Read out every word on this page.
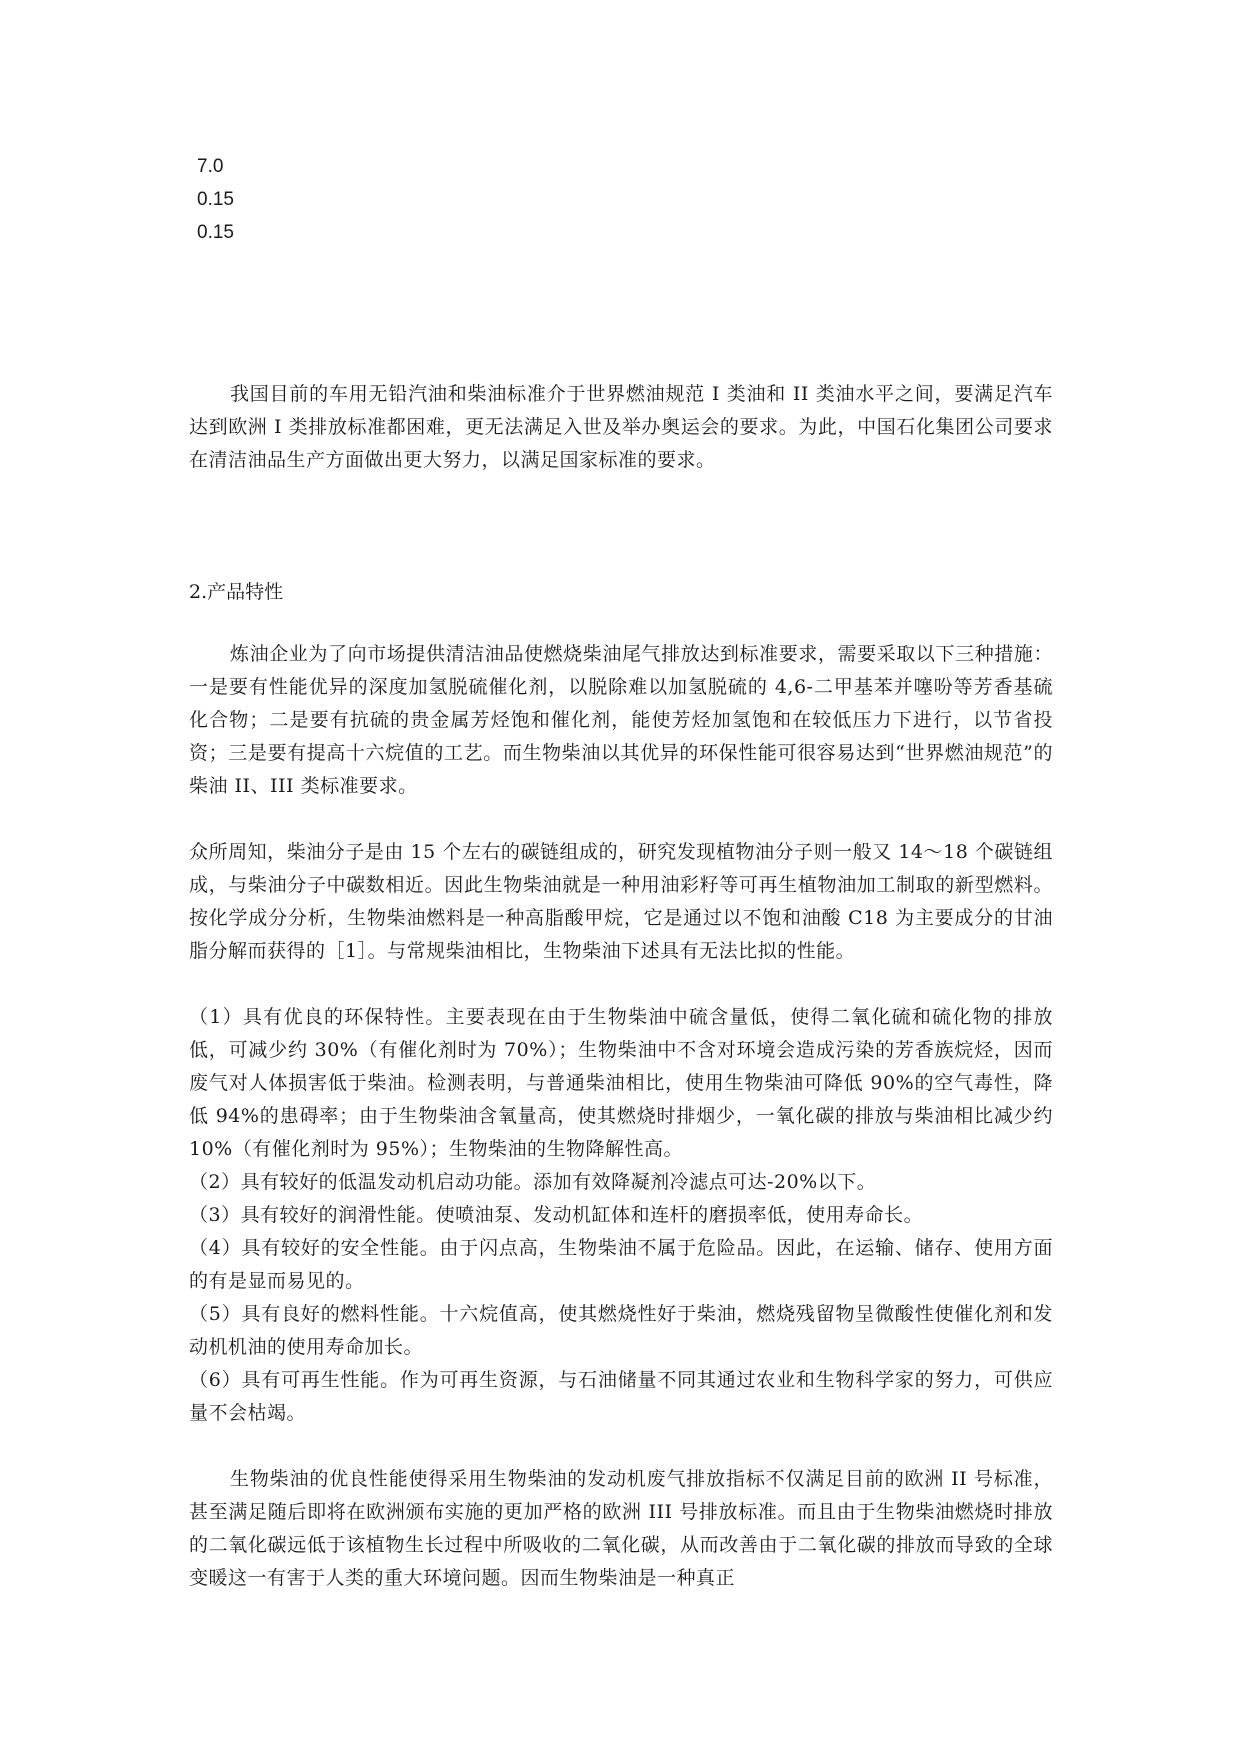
7.0

0.15

0.15

我国目前的车用无铅汽油和柴油标准介于世界燃油规范 I 类油和 II 类油水平之间，要满足汽车达到欧洲 I 类排放标准都困难，更无法满足入世及举办奥运会的要求。为此，中国石化集团公司要求在清洁油品生产方面做出更大努力，以满足国家标准的要求。

2.产品特性

炼油企业为了向市场提供清洁油品使燃烧柴油尾气排放达到标准要求，需要采取以下三种措施：一是要有性能优异的深度加氢脱硫催化剂，以脱除难以加氢脱硫的 4,6-二甲基苯并噻吩等芳香基硫化合物；二是要有抗硫的贵金属芳烃饱和催化剂，能使芳烃加氢饱和在较低压力下进行，以节省投资；三是要有提高十六烷值的工艺。而生物柴油以其优异的环保性能可很容易达到“世界燃油规范”的柴油 II、III 类标准要求。

众所周知，柴油分子是由 15 个左右的碳链组成的，研究发现植物油分子则一般又 14～18 个碳链组成，与柴油分子中碳数相近。因此生物柴油就是一种用油彩籽等可再生植物油加工制取的新型燃料。按化学成分分析，生物柴油燃料是一种高脂酸甲烷，它是通过以不饱和油酸 C18 为主要成分的甘油脂分解而获得的［1］。与常规柴油相比，生物柴油下述具有无法比拟的性能。

（1）具有优良的环保特性。主要表现在由于生物柴油中硫含量低，使得二氧化硫和硫化物的排放低，可减少约 30%（有催化剂时为 70%）；生物柴油中不含对环境会造成污染的芳香族烷烃，因而废气对人体损害低于柴油。检测表明，与普通柴油相比，使用生物柴油可降低 90%的空气毒性，降低 94%的患碍率；由于生物柴油含氧量高，使其燃烧时排烟少，一氧化碳的排放与柴油相比减少约 10%（有催化剂时为 95%）；生物柴油的生物降解性高。
（2）具有较好的低温发动机启动功能。添加有效降凝剂冷滤点可达-20%以下。
（3）具有较好的润滑性能。使喷油泵、发动机缸体和连杆的磨损率低，使用寿命长。
（4）具有较好的安全性能。由于闪点高，生物柴油不属于危险品。因此，在运输、储存、使用方面的有是显而易见的。
（5）具有良好的燃料性能。十六烷值高，使其燃烧性好于柴油，燃烧残留物呈微酸性使催化剂和发动机机油的使用寿命加长。
（6）具有可再生性能。作为可再生资源，与石油储量不同其通过农业和生物科学家的努力，可供应量不会枯竭。

生物柴油的优良性能使得采用生物柴油的发动机废气排放指标不仅满足目前的欧洲 II 号标准，甚至满足随后即将在欧洲颁布实施的更加严格的欧洲 III 号排放标准。而且由于生物柴油燃烧时排放的二氧化碳远低于该植物生长过程中所吸收的二氧化碳，从而改善由于二氧化碳的排放而导致的全球变暖这一有害于人类的重大环境问题。因而生物柴油是一种真正
